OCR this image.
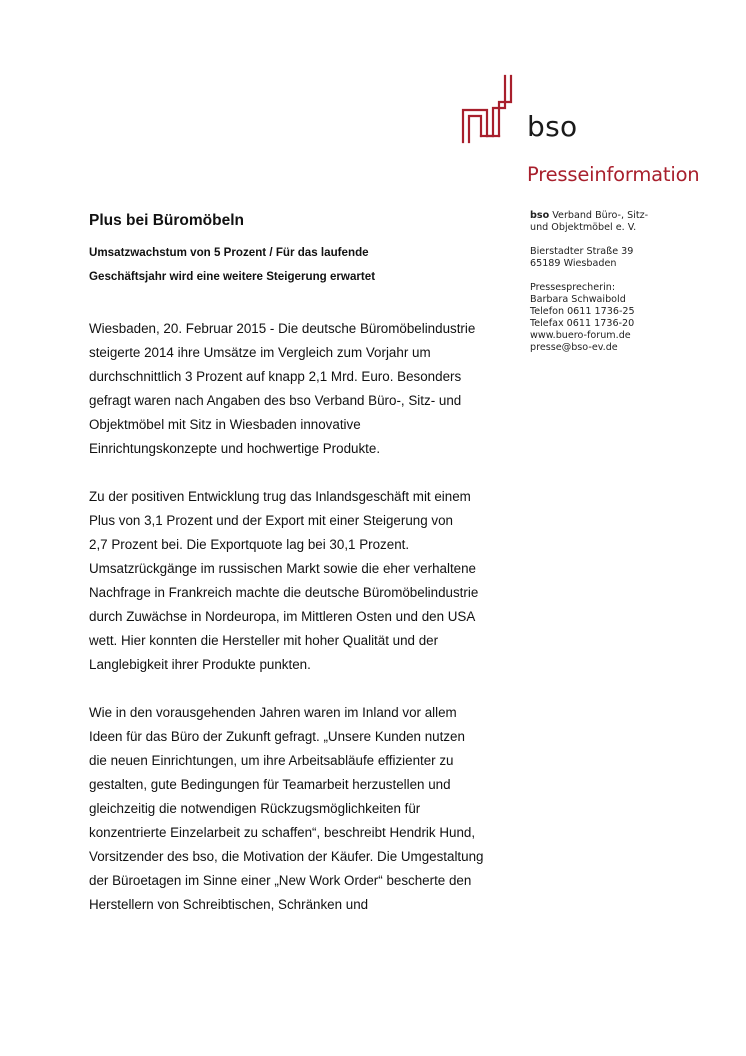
bso
Presseinformation
bso Verband Büro-, Sitz-
und Objektmöbel e. V.
Bierstadter Straße 39
65189 Wiesbaden
Pressesprecherin:
Barbara Schwaibold
Telefon 0611 1736-25
Telefax 0611 1736-20
www.buero-forum.de
presse@bso-ev.de
Plus bei Büromöbeln
Umsatzwachstum von 5 Prozent / Für das laufende
Geschäftsjahr wird eine weitere Steigerung erwartet
Wiesbaden, 20. Februar 2015 - Die deutsche Büromöbelindustrie
steigerte 2014 ihre Umsätze im Vergleich zum Vorjahr um
durchschnittlich 3 Prozent auf knapp 2,1 Mrd. Euro. Besonders
gefragt waren nach Angaben des bso Verband Büro-, Sitz- und
Objektmöbel mit Sitz in Wiesbaden innovative
Einrichtungskonzepte und hochwertige Produkte.
Zu der positiven Entwicklung trug das Inlandsgeschäft mit einem
Plus von 3,1 Prozent und der Export mit einer Steigerung von
2,7 Prozent bei. Die Exportquote lag bei 30,1 Prozent.
Umsatzrückgänge im russischen Markt sowie die eher verhaltene
Nachfrage in Frankreich machte die deutsche Büromöbelindustrie
durch Zuwächse in Nordeuropa, im Mittleren Osten und den USA
wett. Hier konnten die Hersteller mit hoher Qualität und der
Langlebigkeit ihrer Produkte punkten.
Wie in den vorausgehenden Jahren waren im Inland vor allem
Ideen für das Büro der Zukunft gefragt. „Unsere Kunden nutzen
die neuen Einrichtungen, um ihre Arbeitsabläufe effizienter zu
gestalten, gute Bedingungen für Teamarbeit herzustellen und
gleichzeitig die notwendigen Rückzugsmöglichkeiten für
konzentrierte Einzelarbeit zu schaffen“, beschreibt Hendrik Hund,
Vorsitzender des bso, die Motivation der Käufer. Die Umgestaltung
der Büroetagen im Sinne einer „New Work Order“ bescherte den
Herstellern von Schreibtischen, Schränken und
